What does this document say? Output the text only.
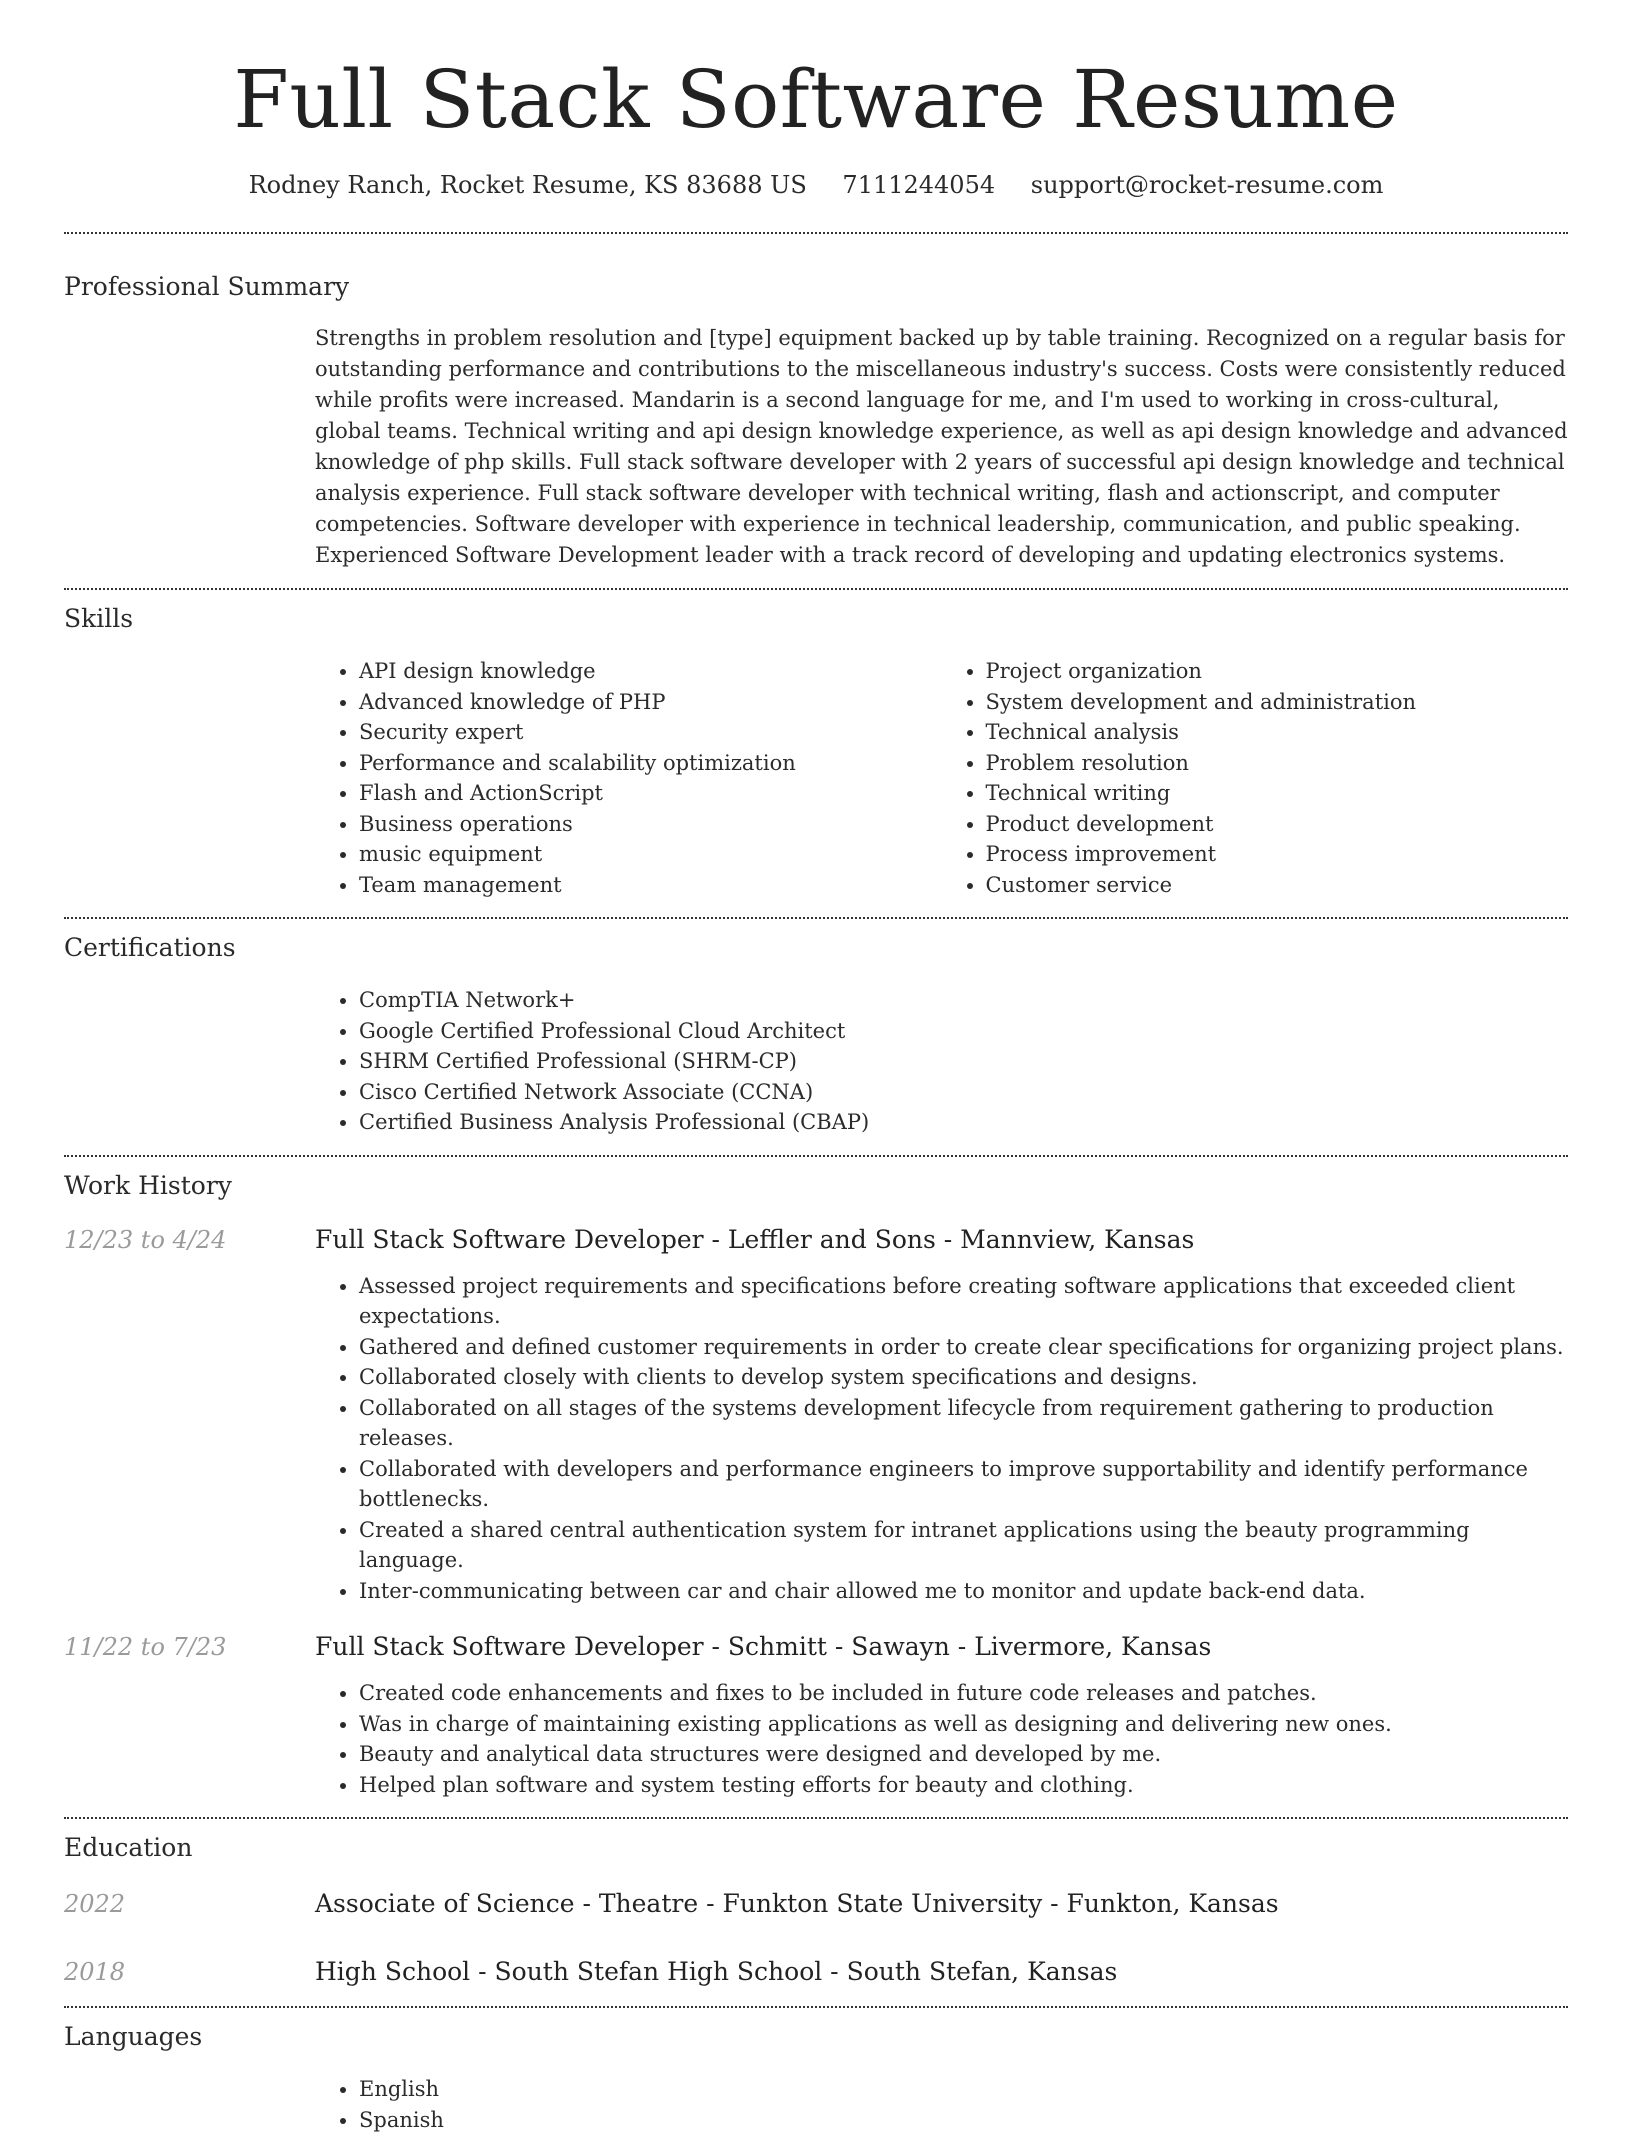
Full Stack Software Resume
Rodney Ranch, Rocket Resume, KS 83688 US 7111244054 support@rocket-resume.com
Professional Summary

Strengths in problem resolution and [type] equipment backed up by table training. Recognized on a regular basis for outstanding performance and contributions to the miscellaneous industry's success. Costs were consistently reduced while profits were increased. Mandarin is a second language for me, and I'm used to working in cross-cultural, global teams. Technical writing and api design knowledge experience, as well as api design knowledge and advanced knowledge of php skills. Full stack software developer with 2 years of successful api design knowledge and technical analysis experience. Full stack software developer with technical writing, flash and actionscript, and computer competencies. Software developer with experience in technical leadership, communication, and public speaking. Experienced Software Development leader with a track record of developing and updating electronics systems.

Skills
• API design knowledge
• Advanced knowledge of PHP
• Security expert
• Performance and scalability optimization
• Flash and ActionScript
• Business operations
• music equipment
• Team management
• Project organization
• System development and administration
• Technical analysis
• Problem resolution
• Technical writing
• Product development
• Process improvement
• Customer service
Certifications
• CompTIA Network+
• Google Certified Professional Cloud Architect
• SHRM Certified Professional (SHRM-CP)
• Cisco Certified Network Associate (CCNA)
• Certified Business Analysis Professional (CBAP)
Work History
12/23 to 4/24	Full Stack Software Developer - Leffler and Sons - Mannview, Kansas
• Assessed project requirements and specifications before creating software applications that exceeded client expectations.
• Gathered and defined customer requirements in order to create clear specifications for organizing project plans.
• Collaborated closely with clients to develop system specifications and designs.
• Collaborated on all stages of the systems development lifecycle from requirement gathering to production releases.
• Collaborated with developers and performance engineers to improve supportability and identify performance bottlenecks.
• Created a shared central authentication system for intranet applications using the beauty programming language.
• Inter-communicating between car and chair allowed me to monitor and update back-end data.
11/22 to 7/23	Full Stack Software Developer - Schmitt - Sawayn - Livermore, Kansas
• Created code enhancements and fixes to be included in future code releases and patches.
• Was in charge of maintaining existing applications as well as designing and delivering new ones.
• Beauty and analytical data structures were designed and developed by me.
• Helped plan software and system testing efforts for beauty and clothing.
Education
2022	Associate of Science - Theatre - Funkton State University - Funkton, Kansas
2018	High School - South Stefan High School - South Stefan, Kansas
Languages
• English
• Spanish
